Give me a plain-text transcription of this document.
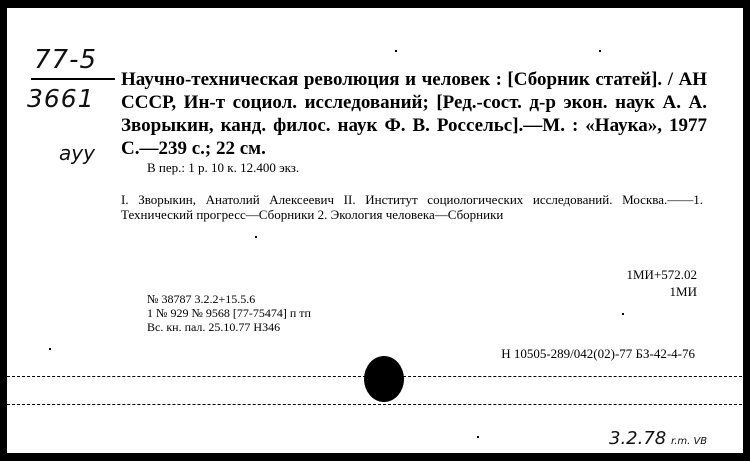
77-5
3661
ayy
Научно-техническая революция и человек : [Сборник статей]. / АН СССР, Ин-т социол. исследований; [Ред.-сост. д-р экон. наук А. А. Зворыкин, канд. филос. наук Ф. В. Россельс].—М. : «Наука», 1977 С.—239 с.; 22 см.
В пер.: 1 р. 10 к. 12.400 экз.
I. Зворыкин, Анатолий Алексеевич II. Институт социологических исследований. Москва.——1. Технический прогресс—Сборники 2. Экология человека—Сборники
1МИ+572.02
1МИ
№ 38787 3.2.2+15.5.6
1 № 929 № 9568 [77-75474] п тп
Вс. кн. пал. 25.10.77 Н346
Н 10505-289/042(02)-77 БЗ-42-4-76
3.2.78 r.m. VB
